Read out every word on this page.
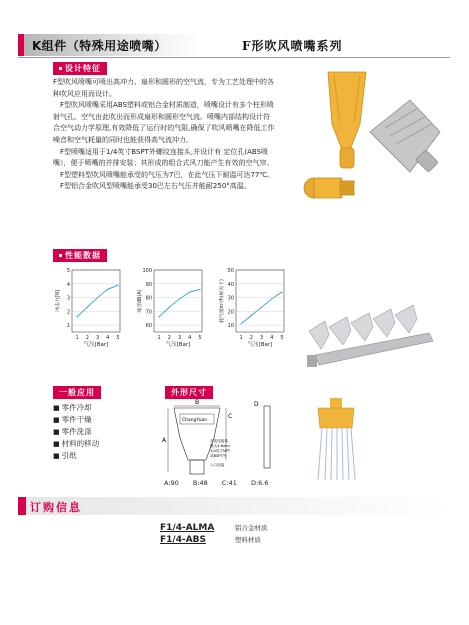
K组件（特殊用途喷嘴）	F形吹风喷嘴系列
设计特征

F型吹风喷嘴可喷出高冲力、扇形和圆形的空气流，专为工艺处理中的各种吹风应用而设计。

F型吹风喷嘴采用ABS塑料或铝合金材质制造，喷嘴设计有多个柱形喷射气孔。空气由此吹出而形成扇形和圆形空气流。喷嘴内部结构设计符合空气动力学原理,有效降低了运行时的气阻,确保了吹风喷嘴在降低工作噪音和空气耗量的同时也能获得高气流冲力。

F型喷嘴适用于1/4英寸BSPT外螺纹连接头,并设计有 定位孔(ABS喷嘴），便于喷嘴的并排安装；其形成的组合式风刀能产生有效的空气帘。

F型塑料型吹风喷嘴能承受的气压为7巴，在此气压下耐温可达77℃。

F型铝合金吹风型喷嘴能承受30巴左右气压并能耐250°高温。

性能数据
1
2
3
4
5
1 2 3 4 5
气压[Bar]
冲击力[N]
60
70
80
90
100
1 2 3 4 5
气压[Bar]
噪音dB(A)
10
20
30
40
50
1 2 3 4 5
气压[Bar]
耗气量m³/h(标况下)
一般应用
■ 零件冷却
■ 零件干燥
■ 零件洗涤
■ 材料的移动
■ 引纸
外形尺寸
B
A
C
ChangYuan
万变连接体,
最大4.8mm
1/4英寸NPT
或BSPT外
入口连接
D
A:90 B:48 C:41 D:6.6
订购信息
F1/4-ALMA	铝合金材质
F1/4-ABS	塑料材质
